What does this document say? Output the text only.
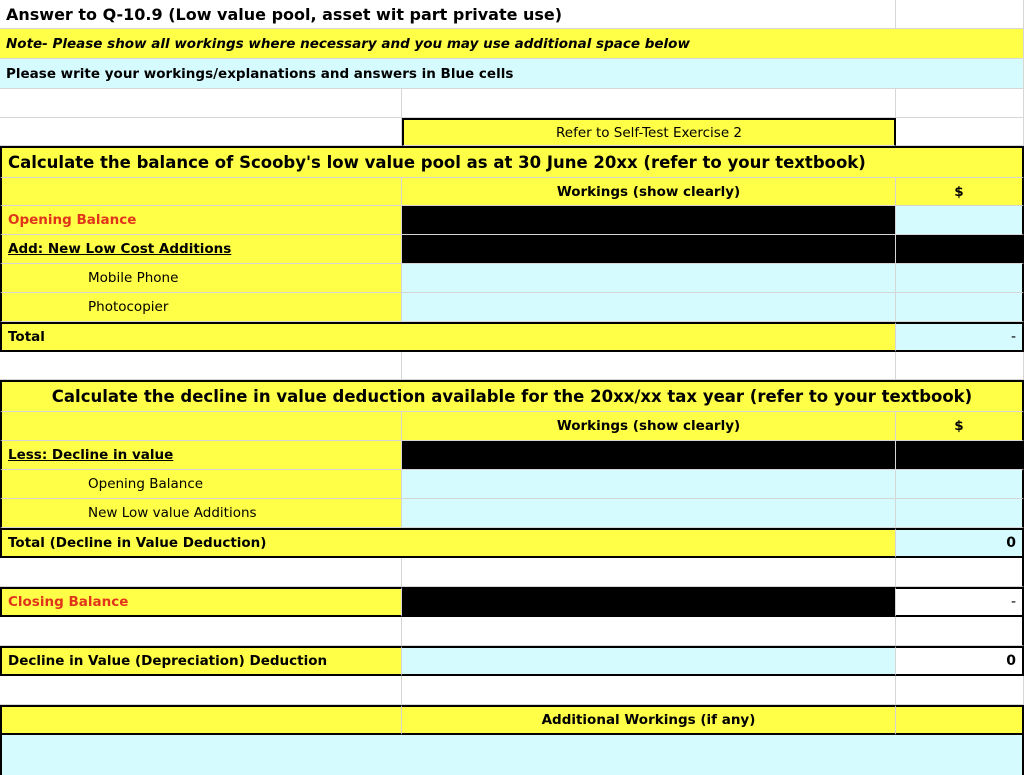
Answer to Q-10.9 (Low value pool, asset wit part private use)
Note- Please show all workings where necessary and you may use additional space below
Please write your workings/explanations and answers in Blue cells
Refer to Self-Test Exercise 2
Calculate the balance of Scooby's low value pool as at 30 June 20xx (refer to your textbook)
Workings (show clearly)	$
Opening Balance
Add: New Low Cost Additions
Mobile Phone
Photocopier
Total	-
Calculate the decline in value deduction available for the 20xx/xx tax year (refer to your textbook)
Workings (show clearly)	$
Less: Decline in value
Opening Balance
New Low value Additions
Total (Decline in Value Deduction)	0
Closing Balance	-
Decline in Value (Depreciation) Deduction	0
Additional Workings (if any)
